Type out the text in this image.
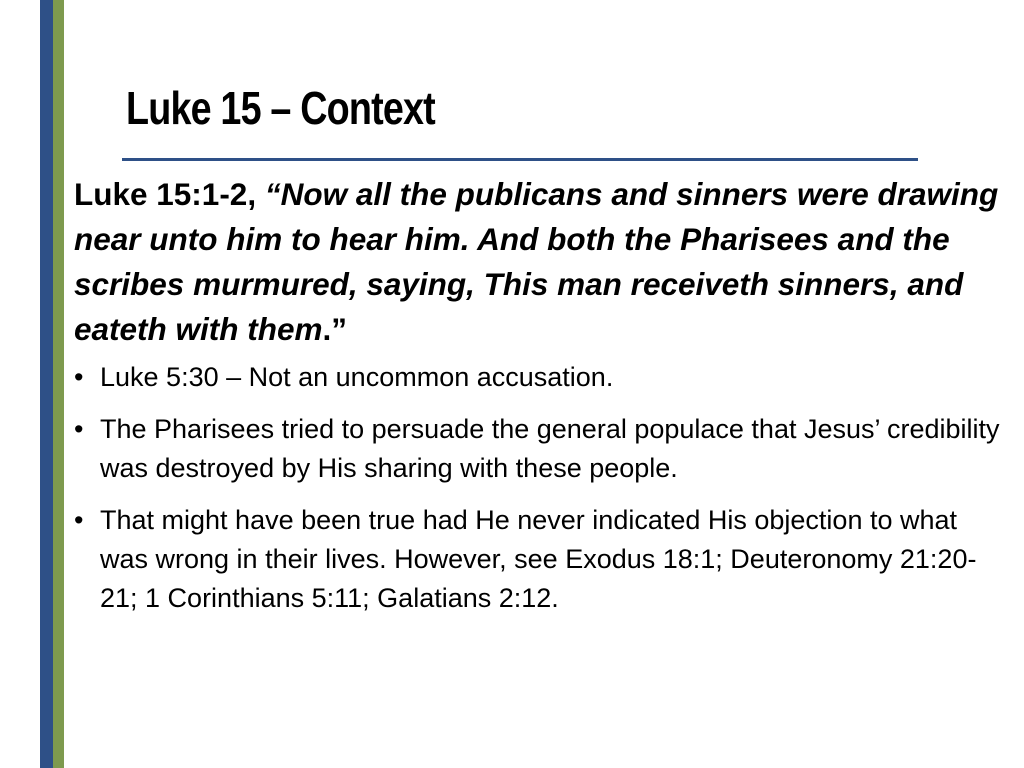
Luke 15 – Context

Luke 15:1-2, “Now all the publicans and sinners were drawing near unto him to hear him. And both the Pharisees and the scribes murmured, saying, This man receiveth sinners, and eateth with them.”

• Luke 5:30 – Not an uncommon accusation.
• The Pharisees tried to persuade the general populace that Jesus’ credibility was destroyed by His sharing with these people.
• That might have been true had He never indicated His objection to what was wrong in their lives. However, see Exodus 18:1; Deuteronomy 21:20-21; 1 Corinthians 5:11; Galatians 2:12.
